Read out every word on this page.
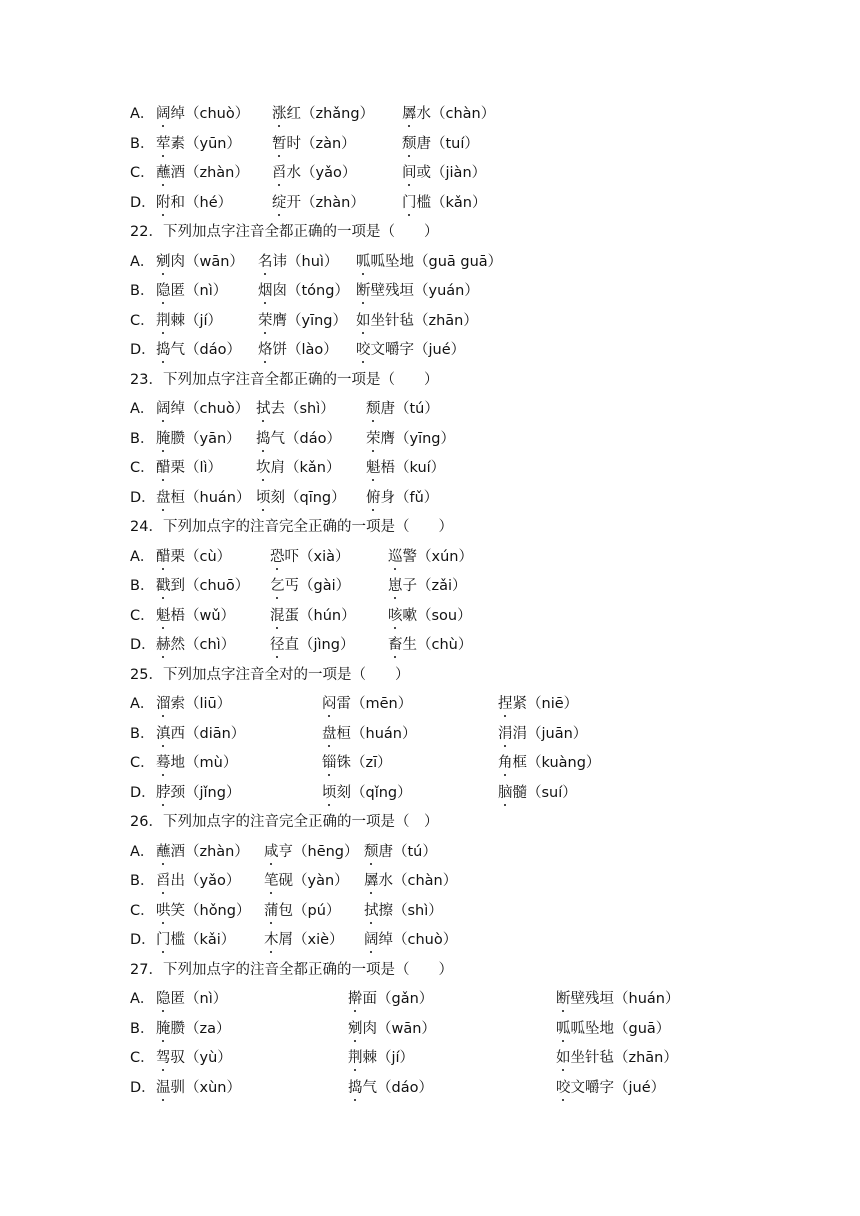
A． 阔绰（chuò） 涨红（zhǎng） 羼水（chàn）
B． 荤素（yūn） 暂时（zàn）	颓唐（tuí）
C． 蘸酒（zhàn） 舀水（yǎo）	间或（jiàn）
D． 附和（hé）	绽开（zhàn）	门槛（kǎn）
22．下列加点字注音全都正确的一项是（　　）
A． 剜肉（wān） 名讳（huì） 呱呱坠地（guā guā）
B． 隐匿（nì） 烟囱（tóng） 断壁残垣（yuán）
C． 荆棘（jí） 荣膺（yīng） 如坐针毡（zhān）
D． 捣气（dáo） 烙饼（lào） 咬文嚼字（jué）
23．下列加点字注音全都正确的一项是（　　）
A． 阔绰（chuò） 拭去（shì） 颓唐（tú）
B． 腌臜（yān） 捣气（dáo） 荣膺（yīng）
C． 醋栗（lì） 坎肩（kǎn） 魁梧（kuí）
D． 盘桓（huán） 顷刻（qīng） 俯身（fǔ）
24．下列加点字的注音完全正确的一项是（　　）
A． 醋栗（cù）	恐吓（xià）	巡警（xún）
B． 戳到（chuō） 乞丐（gài）	崽子（zǎi）
C． 魁梧（wǔ） 混蛋（hún） 咳嗽（sou）
D． 赫然（chì） 径直（jìng） 畜生（chù）
25．下列加点字注音全对的一项是（　　）
A． 溜索（liū）	闷雷（mēn）	捏紧（niē）
B． 滇西（diān）	盘桓（huán）	涓涓（juān）
C． 蓦地（mù）	锱铢（zī）	角框（kuàng）
D． 脖颈（jǐng）	顷刻（qǐng）	脑髓（suí）
26．下列加点字的注音完全正确的一项是（　）
A． 蘸酒（zhàn） 咸亨（hēng） 颓唐（tú）
B． 舀出（yǎo） 笔砚（yàn） 羼水（chàn）
C． 哄笑（hǒng） 蒲包（pú） 拭擦（shì）
D． 门槛（kǎi） 木屑（xiè） 阔绰（chuò）
27．下列加点字的注音全都正确的一项是（　　）
A． 隐匿（nì）	擀面（gǎn）	断壁残垣（huán）
B． 腌臜（za）	剜肉（wān）	呱呱坠地（guā）
C． 驾驭（yù）	荆棘（jí）	如坐针毡（zhān）
D． 温驯（xùn）	捣气（dáo）	咬文嚼字（jué）
